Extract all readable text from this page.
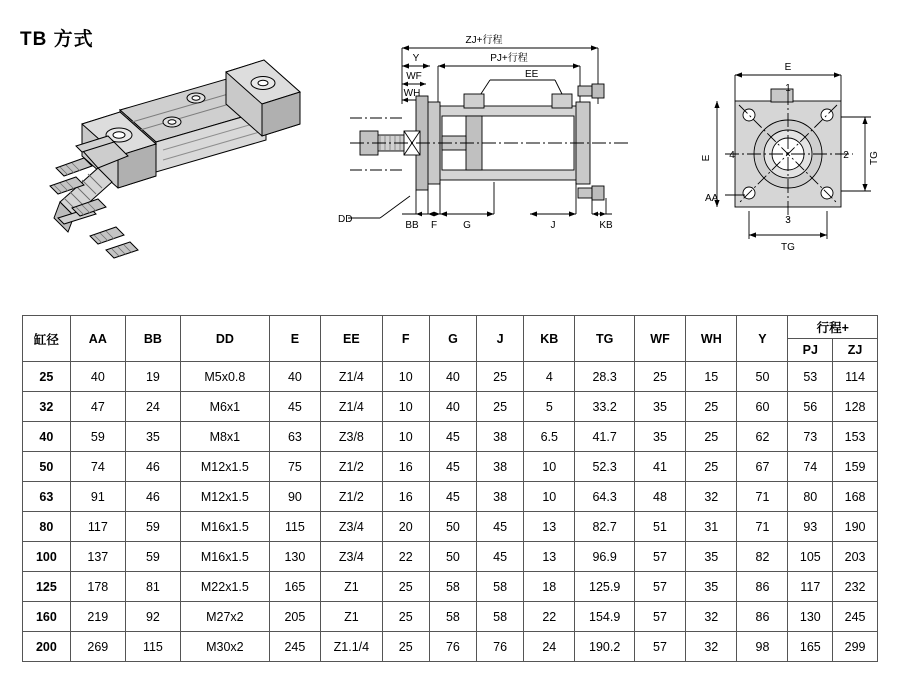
TB 方式	ZJ+行程
PJ+行程
Y
WF
WH
EE
DD
BB F	G	J	KB
E
1
E	TG
2
4
3
TG
AA
缸径	AA	BB	DD	E	EE	F	G	J	KB	TG	WF	WH	Y	行程+	
														PJ	ZJ
25	40	19	M5x0.8	40	Z1/4	10	40	25	4	28.3	25	15	50	53	114
32	47	24	M6x1	45	Z1/4	10	40	25	5	33.2	35	25	60	56	128
40	59	35	M8x1	63	Z3/8	10	45	38	6.5	41.7	35	25	62	73	153
50	74	46	M12x1.5	75	Z1/2	16	45	38	10	52.3	41	25	67	74	159
63	91	46	M12x1.5	90	Z1/2	16	45	38	10	64.3	48	32	71	80	168
80	117	59	M16x1.5	115	Z3/4	20	50	45	13	82.7	51	31	71	93	190
100	137	59	M16x1.5	130	Z3/4	22	50	45	13	96.9	57	35	82	105	203
125	178	81	M22x1.5	165	Z1	25	58	58	18	125.9	57	35	86	117	232
160	219	92	M27x2	205	Z1	25	58	58	22	154.9	57	32	86	130	245
200	269	115	M30x2	245	Z1.1/4	25	76	76	24	190.2	57	32	98	165	299
